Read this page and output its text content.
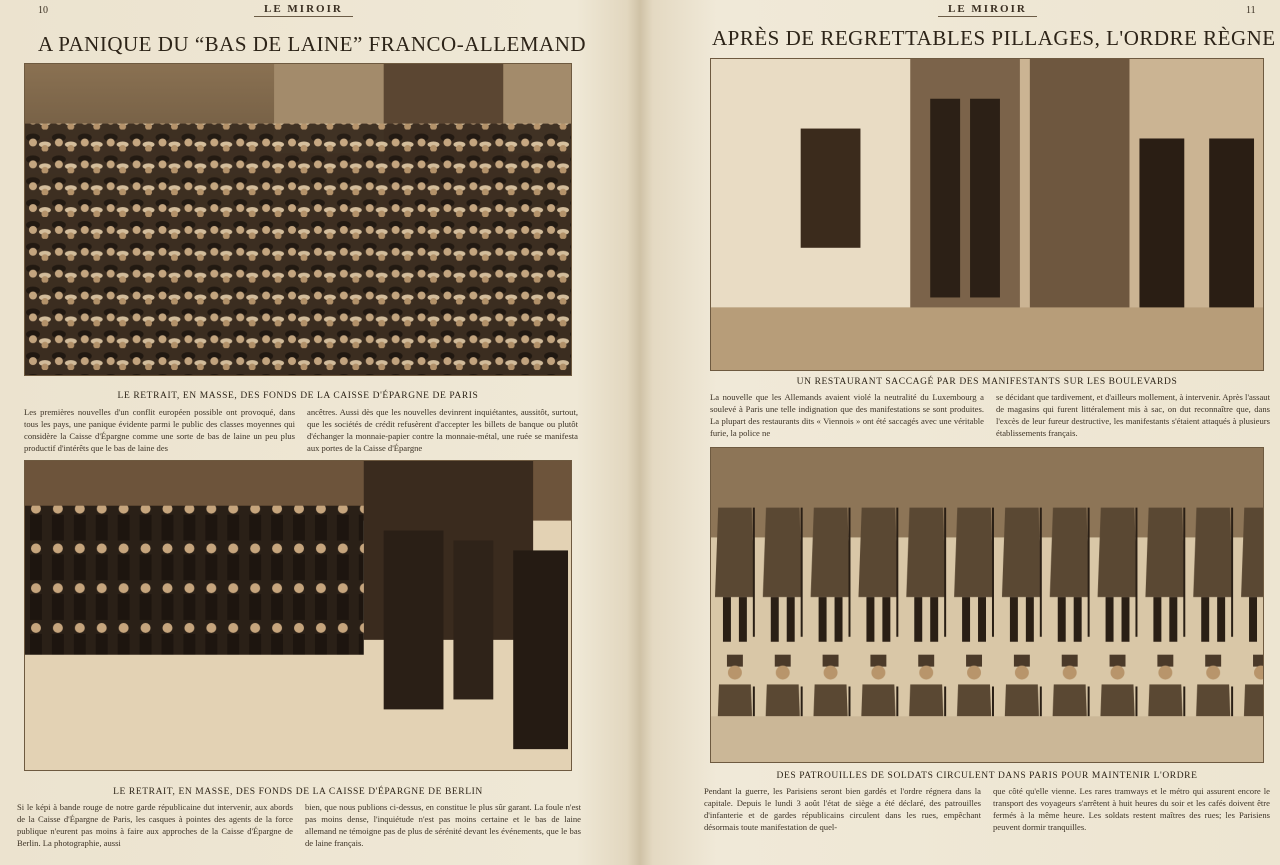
10	LE MIROIR
A PANIQUE DU “BAS DE LAINE” FRANCO-ALLEMAND
LE RETRAIT, EN MASSE, DES FONDS DE LA CAISSE D'ÉPARGNE DE PARIS

Les premières nouvelles d'un conflit européen possible ont provoqué, dans tous les pays, une panique évidente parmi le public des classes moyennes qui considère la Caisse d'Épargne comme une sorte de bas de laine un peu plus productif d'intérêts que le bas de laine des

ancêtres. Aussi dès que les nouvelles devinrent inquiétantes, aussitôt, surtout, que les sociétés de crédit refusèrent d'accepter les billets de banque ou plutôt d'échanger la monnaie-papier contre la monnaie-métal, une ruée se manifesta aux portes de la Caisse d'Épargne

LE RETRAIT, EN MASSE, DES FONDS DE LA CAISSE D'ÉPARGNE DE BERLIN

Si le képi à bande rouge de notre garde républicaine dut intervenir, aux abords de la Caisse d'Épargne de Paris, les casques à pointes des agents de la force publique n'eurent pas moins à faire aux approches de la Caisse d'Épargne de Berlin. La photographie, aussi

bien, que nous publions ci-dessus, en constitue le plus sûr garant. La foule n'est pas moins dense, l'inquiétude n'est pas moins certaine et le bas de laine allemand ne témoigne pas de plus de sérénité devant les événements, que le bas de laine français.

11
LE MIROIR
APRÈS DE REGRETTABLES PILLAGES, L'ORDRE RÈGNE
UN RESTAURANT SACCAGÉ PAR DES MANIFESTANTS SUR LES BOULEVARDS

La nouvelle que les Allemands avaient violé la neutralité du Luxembourg a soulevé à Paris une telle indignation que des manifestations se sont produites. La plupart des restaurants dits « Viennois » ont été saccagés avec une véritable furie, la police ne

se décidant que tardivement, et d'ailleurs mollement, à intervenir. Après l'assaut de magasins qui furent littéralement mis à sac, on dut reconnaître que, dans l'excès de leur fureur destructive, les manifestants s'étaient attaqués à plusieurs établissements français.

DES PATROUILLES DE SOLDATS CIRCULENT DANS PARIS POUR MAINTENIR L'ORDRE

Pendant la guerre, les Parisiens seront bien gardés et l'ordre régnera dans la capitale. Depuis le lundi 3 août l'état de siège a été déclaré, des patrouilles d'infanterie et de gardes républicains circulent dans les rues, empêchant désormais toute manifestation de quel-

que côté qu'elle vienne. Les rares tramways et le métro qui assurent encore le transport des voyageurs s'arrêtent à huit heures du soir et les cafés doivent être fermés à la même heure. Les soldats restent maîtres des rues; les Parisiens peuvent dormir tranquilles.
